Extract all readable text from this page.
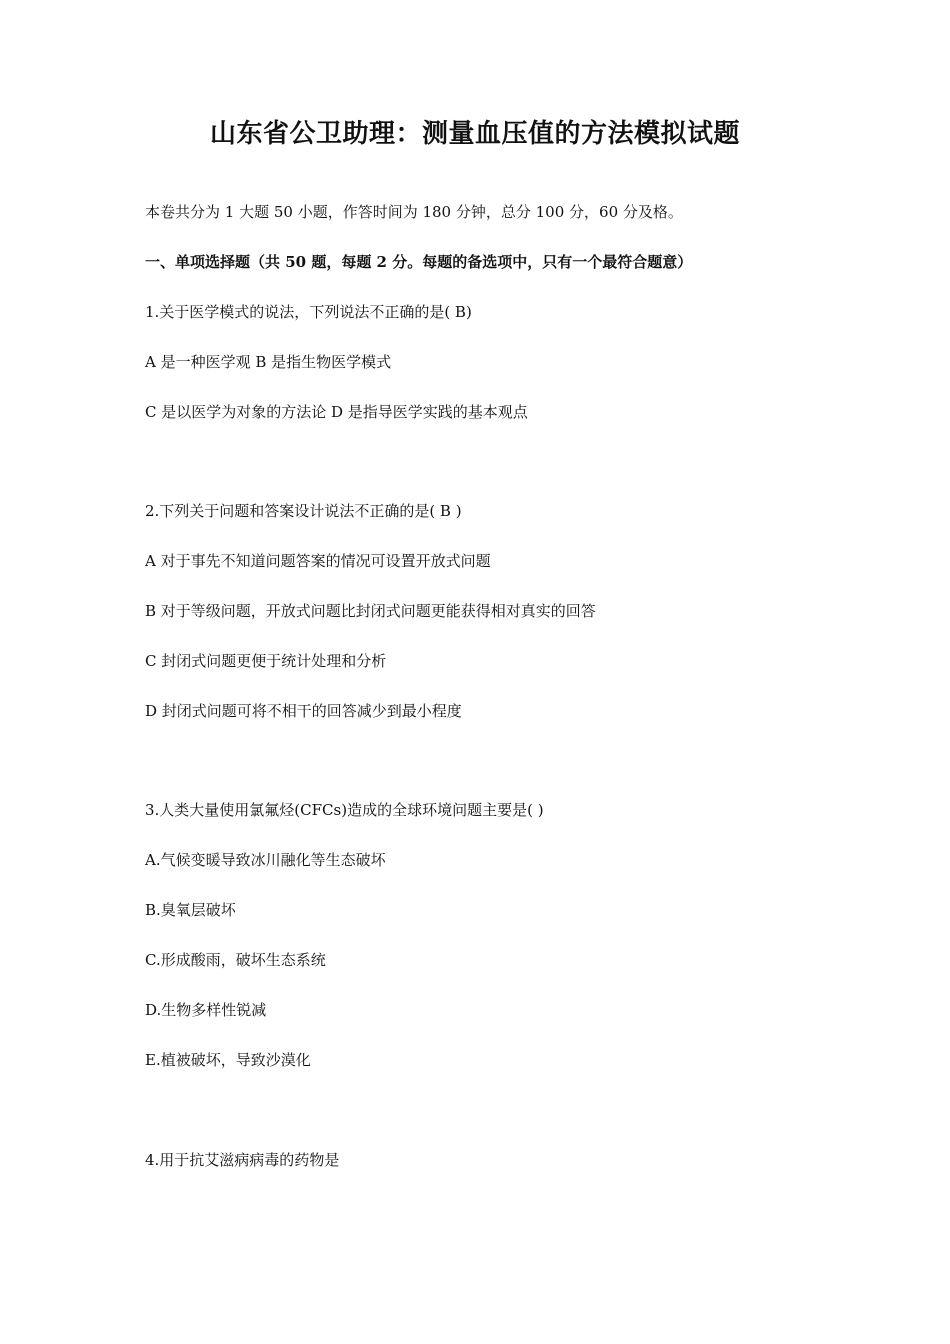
山东省公卫助理：测量血压值的方法模拟试题
本卷共分为 1 大题 50 小题，作答时间为 180 分钟，总分 100 分，60 分及格。
一、单项选择题（共 50 题，每题 2 分。每题的备选项中，只有一个最符合题意）
1.关于医学模式的说法，下列说法不正确的是( B)
A 是一种医学观 B 是指生物医学模式
C 是以医学为对象的方法论 D 是指导医学实践的基本观点
2.下列关于问题和答案设计说法不正确的是( B )
A 对于事先不知道问题答案的情况可设置开放式问题
B 对于等级问题，开放式问题比封闭式问题更能获得相对真实的回答
C 封闭式问题更便于统计处理和分析
D 封闭式问题可将不相干的回答减少到最小程度
3.人类大量使用氯氟烃(CFCs)造成的全球环境问题主要是( )
A.气候变暖导致冰川融化等生态破坏
B.臭氧层破坏
C.形成酸雨，破坏生态系统
D.生物多样性锐减
E.植被破坏，导致沙漠化
4.用于抗艾滋病病毒的药物是
